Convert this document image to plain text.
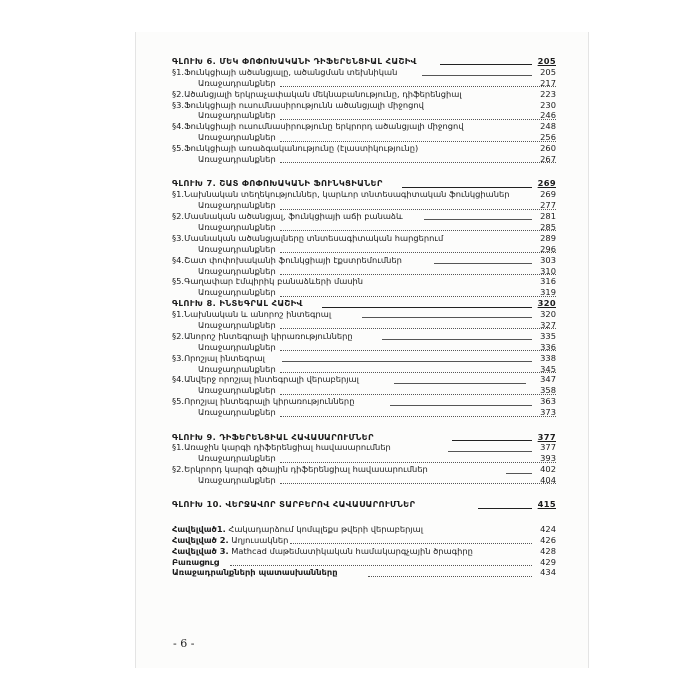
ԳԼՈՒԽ 6. ՄԵԿ ՓՈՓՈԽԱԿԱՆԻ ԴԻՖԵՐԵՆՑԻԱԼ ՀԱՇԻՎ	205
§1.Ֆունկցիայի ածանցյալը, ածանցման տեխնիկան	205
Առաջադրանքներ	217
§2.Ածանցյալի երկրաչափական մեկնաբանությունը, դիֆերենցիալ	223
§3.Ֆունկցիայի ուսումնասիրությունն ածանցյալի միջոցով	230
Առաջադրանքներ	246
§4.Ֆունկցիայի ուսումնասիրությունը երկրորդ ածանցյալի միջոցով	248
Առաջադրանքներ	256
§5.Ֆունկցիայի առաձգականությունը (էլաստիկությունը)	260
Առաջադրանքներ	267
ԳԼՈՒԽ 7. ՇԱՏ ՓՈՓՈԽԱԿԱՆԻ ՖՈՒՆԿՑԻԱՆԵՐ	269
§1.Նախնական տեղեկություններ, կարևոր տնտեսագիտական ֆունկցիաներ	269
Առաջադրանքներ	277
§2.Մասնական ածանցյալ, ֆունկցիայի աճի բանաձև	281
Առաջադրանքներ	285
§3.Մասնական ածանցյալները տնտեսագիտական հարցերում	289
Առաջադրանքներ	296
§4.Շատ փոփոխականի ֆունկցիայի էքստրեմումներ	303
Առաջադրանքներ	310
§5.Գաղափար էմպիրիկ բանաձևերի մասին	316
Առաջադրանքներ	319
ԳԼՈՒԽ 8. ԻՆՏԵԳՐԱԼ ՀԱՇԻՎ	320
§1.Նախնական և անորոշ ինտեգրալ	320
Առաջադրանքներ	327
§2.Անորոշ ինտեգրալի կիրառությունները	335
Առաջադրանքներ	336
§3.Որոշյալ ինտեգրալ	338
Առաջադրանքներ	345
§4.Անվերջ որոշյալ ինտեգրալի վերաբերյալ	347
Առաջադրանքներ	358
§5.Որոշյալ ինտեգրալի կիրառությունները	363
Առաջադրանքներ	373
ԳԼՈՒԽ 9. ԴԻՖԵՐԵՆՑԻԱԼ ՀԱՎԱՍԱՐՈՒՄՆԵՐ	377
§1.Առաջին կարգի դիֆերենցիալ հավասարումներ	377
Առաջադրանքներ	393
§2.Երկրորդ կարգի գծային դիֆերենցիալ հավասարումներ	402
Առաջադրանքներ	404
ԳԼՈՒԽ 10. ՎԵՐՋԱՎՈՐ ՏԱՐԲԵՐՈՎ ՀԱՎԱՍԱՐՈՒՄՆԵՐ	415
Հավելված1. Հակադարձում կոմպլեքս թվերի վերաբերյալ	424
Հավելված 2. Աղյուսակներ	426
Հավելված 3. Mathcad մաթեմատիկական համակարգչային ծրագիրը	428
Բառացուց	429
Առաջադրանքների պատասխանները	434
- 6 -
